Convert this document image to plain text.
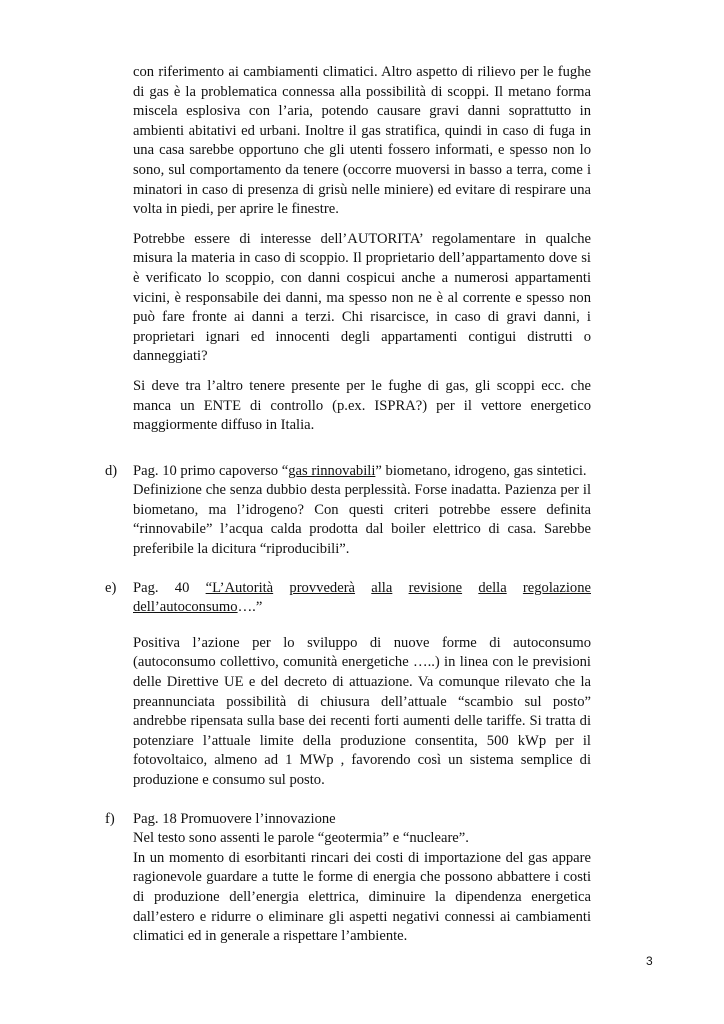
con riferimento ai cambiamenti climatici. Altro aspetto di rilievo per le fughe di gas è la problematica connessa alla possibilità di scoppi. Il metano forma miscela esplosiva con l’aria, potendo causare gravi danni soprattutto in ambienti abitativi ed urbani. Inoltre il gas stratifica, quindi in caso di fuga in una casa sarebbe opportuno che gli utenti fossero informati, e spesso non lo sono, sul comportamento da tenere (occorre muoversi in basso a terra, come i minatori in caso di presenza di grisù nelle miniere) ed evitare di respirare una volta in piedi, per aprire le finestre.

Potrebbe essere di interesse dell’AUTORITA’ regolamentare in qualche misura la materia in caso di scoppio. Il proprietario dell’appartamento dove si è verificato lo scoppio, con danni cospicui anche a numerosi appartamenti vicini, è responsabile dei danni, ma spesso non ne è al corrente e spesso non può fare fronte ai danni a terzi. Chi risarcisce, in caso di gravi danni, i proprietari ignari ed innocenti degli appartamenti contigui distrutti o danneggiati?

Si deve tra l’altro tenere presente per le fughe di gas, gli scoppi ecc. che manca un ENTE di controllo (p.ex. ISPRA?) per il vettore energetico maggiormente diffuso in Italia.

d) Pag. 10 primo capoverso “gas rinnovabili” biometano, idrogeno, gas sintetici.
Definizione che senza dubbio desta perplessità. Forse inadatta. Pazienza per il biometano, ma l’idrogeno? Con questi criteri potrebbe essere definita “rinnovabile” l’acqua calda prodotta dal boiler elettrico di casa. Sarebbe preferibile la dicitura “riproducibili”.
e) Pag. 40 “L’Autorità provvederà alla revisione della regolazione
dell’autoconsumo….”
Positiva l’azione per lo sviluppo di nuove forme di autoconsumo (autoconsumo collettivo, comunità energetiche …..) in linea con le previsioni delle Direttive UE e del decreto di attuazione. Va comunque rilevato che la preannunciata possibilità di chiusura dell’attuale “scambio sul posto” andrebbe ripensata sulla base dei recenti forti aumenti delle tariffe. Si tratta di potenziare l’attuale limite della produzione consentita, 500 kWp per il fotovoltaico, almeno ad 1 MWp , favorendo così un sistema semplice di produzione e consumo sul posto.
f) Pag. 18 Promuovere l’innovazione
Nel testo sono assenti le parole “geotermia” e “nucleare”.
In un momento di esorbitanti rincari dei costi di importazione del gas appare ragionevole guardare a tutte le forme di energia che possono abbattere i costi di produzione dell’energia elettrica, diminuire la dipendenza energetica dall’estero e ridurre o eliminare gli aspetti negativi connessi ai cambiamenti climatici ed in generale a rispettare l’ambiente.
3
